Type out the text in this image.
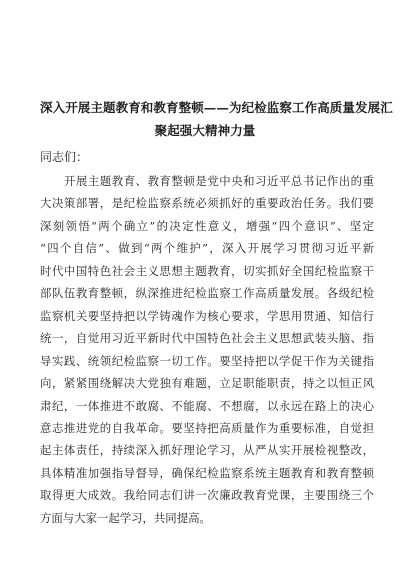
深入开展主题教育和教育整顿——为纪检监察工作高质量发展汇
聚起强大精神力量
同志们：
开展主题教育、教育整顿是党中央和习近平总书记作出的重
大决策部署，是纪检监察系统必须抓好的重要政治任务。我们要
深刻领悟“两个确立”的决定性意义，增强“四个意识”、坚定
“四个自信”、做到“两个维护”，深入开展学习贯彻习近平新
时代中国特色社会主义思想主题教育，切实抓好全国纪检监察干
部队伍教育整顿，纵深推进纪检监察工作高质量发展。各级纪检
监察机关要坚持把以学铸魂作为核心要求，学思用贯通、知信行
统一，自觉用习近平新时代中国特色社会主义思想武装头脑、指
导实践、统领纪检监察一切工作。要坚持把以学促干作为关键指
向，紧紧围绕解决大党独有难题，立足职能职责，持之以恒正风
肃纪，一体推进不敢腐、不能腐、不想腐，以永远在路上的决心
意志推进党的自我革命。要坚持把高质量作为重要标准，自觉担
起主体责任，持续深入抓好理论学习，从严从实开展检视整改，
具体精准加强指导督导，确保纪检监察系统主题教育和教育整顿
取得更大成效。我给同志们讲一次廉政教育党课，主要围绕三个
方面与大家一起学习，共同提高。
